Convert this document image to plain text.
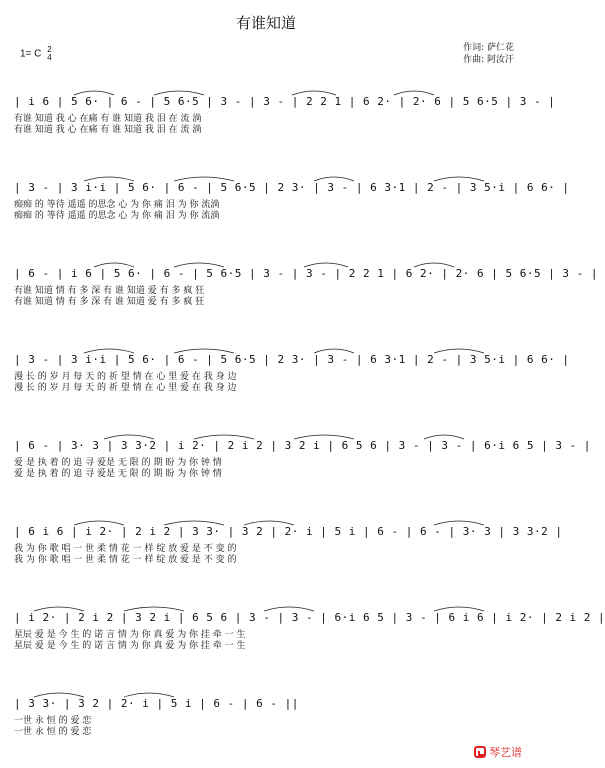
有谁知道
1= C 2
4
作词: 萨仁花
作曲: 阿汝汗
| i 6 | 5 6· | 6 - | 5 6·5 | 3 - | 3 - | 2 2 1 | 6 2· | 2· 6 | 5 6·5 | 3 - |
有谁 知道 我 心 在痛 有 谁 知道 我 泪 在 流 淌
有谁 知道 我 心 在痛 有 谁 知道 我 泪 在 流 淌
| 3 - | 3 i·i | 5 6· | 6 - | 5 6·5 | 2 3· | 3 - | 6 3·1 | 2 - | 3 5·i | 6 6· |
痴痴 的 等待 遥遥 的思念 心 为 你 痛 泪 为 你 流淌
痴痴 的 等待 遥遥 的思念 心 为 你 痛 泪 为 你 流淌
| 6 - | i 6 | 5 6· | 6 - | 5 6·5 | 3 - | 3 - | 2 2 1 | 6 2· | 2· 6 | 5 6·5 | 3 - |
有谁 知道 情 有 多 深 有 谁 知道 爱 有 多 疯 狂
有谁 知道 情 有 多 深 有 谁 知道 爱 有 多 疯 狂
| 3 - | 3 i·i | 5 6· | 6 - | 5 6·5 | 2 3· | 3 - | 6 3·1 | 2 - | 3 5·i | 6 6· |
漫 长 的 岁 月 每 天 的 祈 望 情 在 心 里 爱 在 我 身 边
漫 长 的 岁 月 每 天 的 祈 望 情 在 心 里 爱 在 我 身 边
| 6 - | 3· 3 | 3 3·2 | i 2· | 2 i 2 | 3 2 i | 6 5 6 | 3 - | 3 - | 6·i 6 5 | 3 - |
爱 是 执 着 的 追 寻 爱是 无 限 的 期 盼 为 你 钟 情
爱 是 执 着 的 追 寻 爱是 无 限 的 期 盼 为 你 钟 情
| 6 i 6 | i 2· | 2 i 2 | 3 3· | 3 2 | 2· i | 5 i | 6 - | 6 - | 3· 3 | 3 3·2 |
我 为 你 歌 唱 一 世 柔 情 花 一 样 绽 放 爱 是 不 变 的
我 为 你 歌 唱 一 世 柔 情 花 一 样 绽 放 爱 是 不 变 的
| i 2· | 2 i 2 | 3 2 i | 6 5 6 | 3 - | 3 - | 6·i 6 5 | 3 - | 6 i 6 | i 2· | 2 i 2 |
星辰 爱 是 今 生 的 诺 言 情 为 你 真 爱 为 你 挂 牵 一 生
星辰 爱 是 今 生 的 诺 言 情 为 你 真 爱 为 你 挂 牵 一 生
| 3 3· | 3 2 | 2· i | 5 i | 6 - | 6 - ||
一世 永 恒 的 爱 恋
一世 永 恒 的 爱 恋
琴艺谱
